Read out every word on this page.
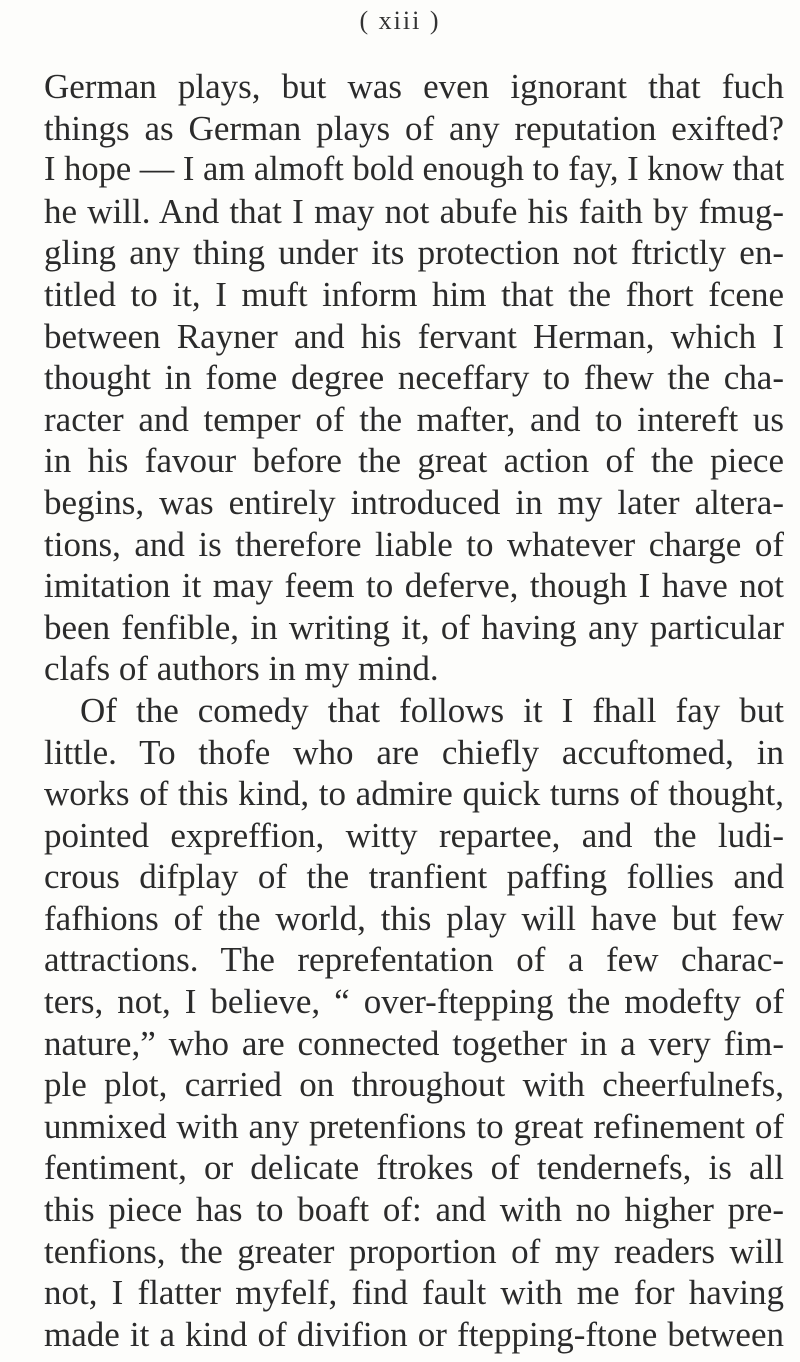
( xiii )
German plays, but was even ignorant that fuch
things as German plays of any reputation exifted?
I hope — I am almoft bold enough to fay, I know that
he will. And that I may not abufe his faith by fmug-
gling any thing under its protection not ftrictly en-
titled to it, I muft inform him that the fhort fcene
between Rayner and his fervant Herman, which I
thought in fome degree neceffary to fhew the cha-
racter and temper of the mafter, and to intereft us
in his favour before the great action of the piece
begins, was entirely introduced in my later altera-
tions, and is therefore liable to whatever charge of
imitation it may feem to deferve, though I have not
been fenfible, in writing it, of having any particular
clafs of authors in my mind.
Of the comedy that follows it I fhall fay but
little. To thofe who are chiefly accuftomed, in
works of this kind, to admire quick turns of thought,
pointed expreffion, witty repartee, and the ludi-
crous difplay of the tranfient paffing follies and
fafhions of the world, this play will have but few
attractions. The reprefentation of a few charac-
ters, not, I believe, “ over-ftepping the modefty of
nature,” who are connected together in a very fim-
ple plot, carried on throughout with cheerfulnefs,
unmixed with any pretenfions to great refinement of
fentiment, or delicate ftrokes of tendernefs, is all
this piece has to boaft of: and with no higher pre-
tenfions, the greater proportion of my readers will
not, I flatter myfelf, find fault with me for having
made it a kind of divifion or ftepping-ftone between
